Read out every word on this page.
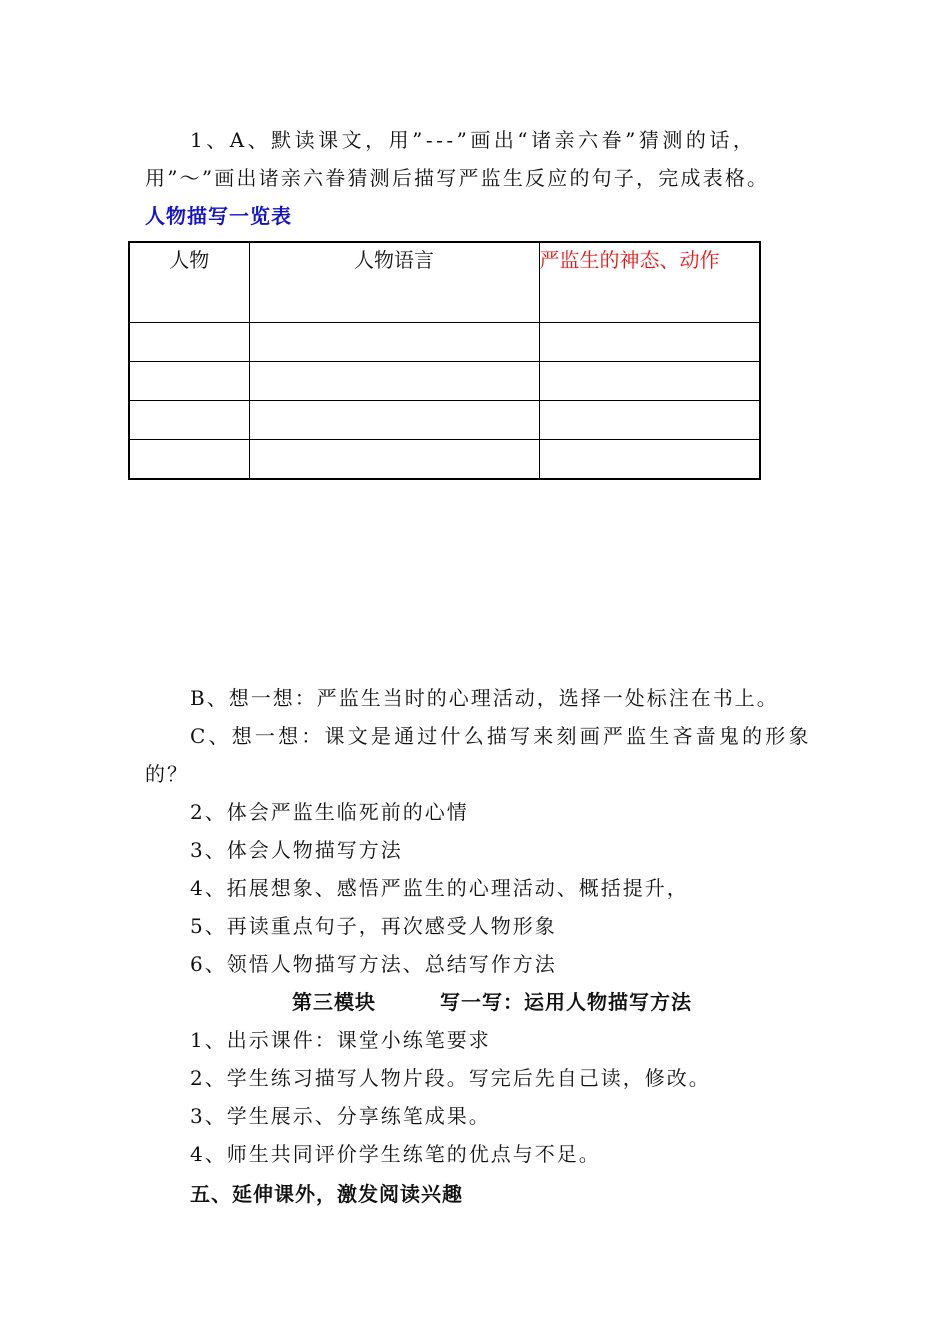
1、A、默读课文，用”---”画出“诸亲六眷”猜测的话，
用”～”画出诸亲六眷猜测后描写严监生反应的句子，完成表格。
人物描写一览表
人物	人物语言	严监生的神态、动作

B、想一想：严监生当时的心理活动，选择一处标注在书上。
C、想一想：课文是通过什么描写来刻画严监生吝啬鬼的形象
的？
2、体会严监生临死前的心情
3、体会人物描写方法
4、拓展想象、感悟严监生的心理活动、概括提升，
5、再读重点句子，再次感受人物形象
6、领悟人物描写方法、总结写作方法
第三模块	写一写：运用人物描写方法
1、出示课件：课堂小练笔要求
2、学生练习描写人物片段。写完后先自己读，修改。
3、学生展示、分享练笔成果。
4、师生共同评价学生练笔的优点与不足。
五、延伸课外，激发阅读兴趣
